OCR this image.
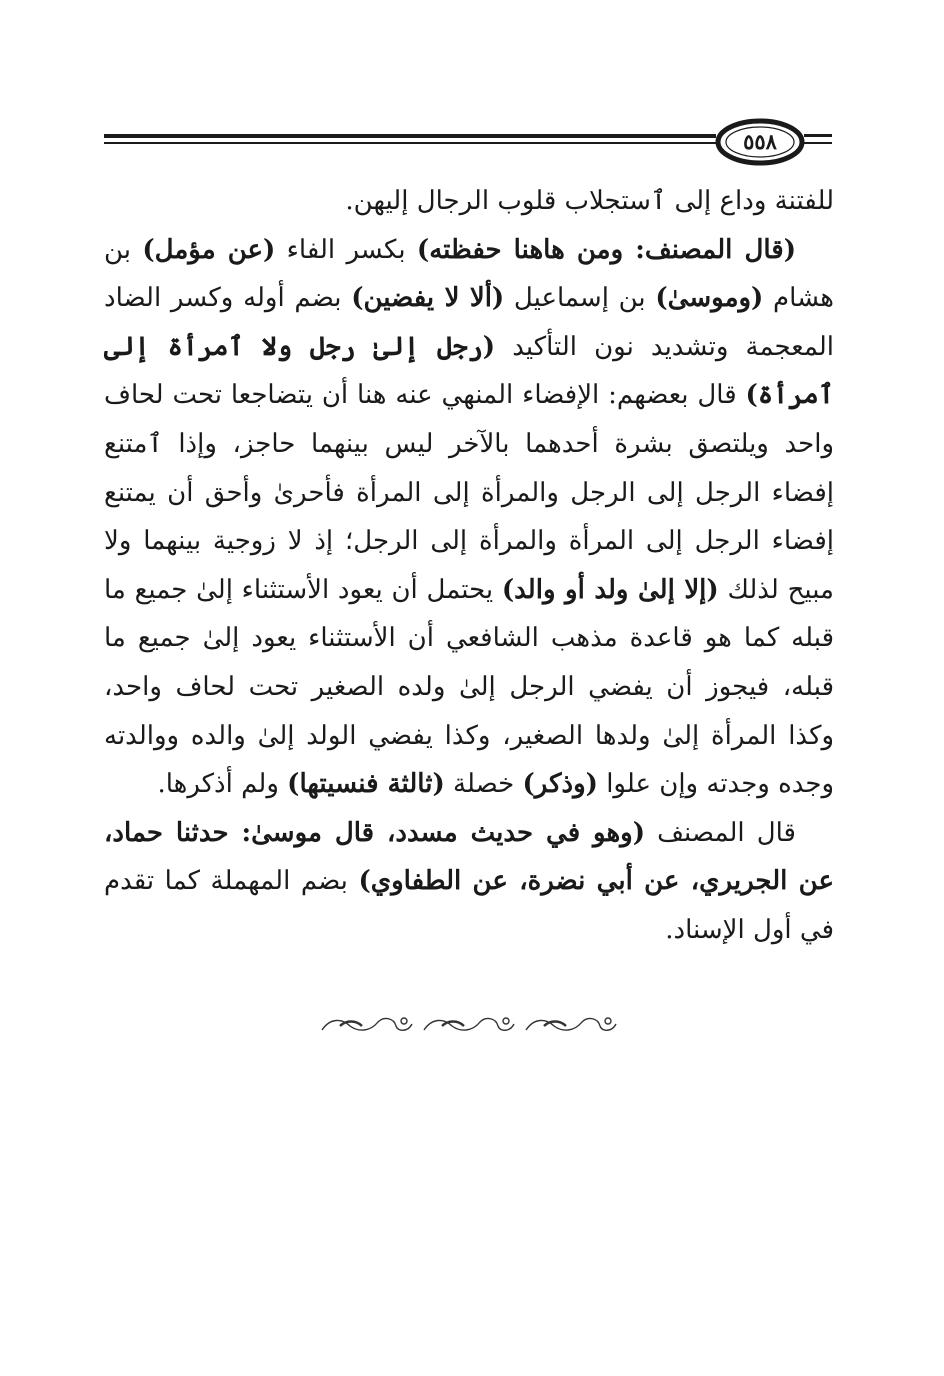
٥٥٨

للفتنة وداع إلى ٱستجلاب قلوب الرجال إليهن.

(قال المصنف: ومن هاهنا حفظته) بكسر الفاء (عن مؤمل) بن هشام (وموسىٰ) بن إسماعيل (ألا لا يفضين) بضم أوله وكسر الضاد المعجمة وتشديد نون التأكيد (رجل إلىٰ رجل ولا ٱمرأة إلى ٱمرأة) قال بعضهم: الإفضاء المنهي عنه هنا أن يتضاجعا تحت لحاف واحد ويلتصق بشرة أحدهما بالآخر ليس بينهما حاجز، وإذا ٱمتنع إفضاء الرجل إلى الرجل والمرأة إلى المرأة فأحرىٰ وأحق أن يمتنع إفضاء الرجل إلى المرأة والمرأة إلى الرجل؛ إذ لا زوجية بينهما ولا مبيح لذلك (إلا إلىٰ ولد أو والد) يحتمل أن يعود الأستثناء إلىٰ جميع ما قبله كما هو قاعدة مذهب الشافعي أن الأستثناء يعود إلىٰ جميع ما قبله، فيجوز أن يفضي الرجل إلىٰ ولده الصغير تحت لحاف واحد، وكذا المرأة إلىٰ ولدها الصغير، وكذا يفضي الولد إلىٰ والده ووالدته وجده وجدته وإن علوا (وذكر) خصلة (ثالثة فنسيتها) ولم أذكرها.

قال المصنف (وهو في حديث مسدد، قال موسىٰ: حدثنا حماد، عن الجريري، عن أبي نضرة، عن الطفاوي) بضم المهملة كما تقدم في أول الإسناد.
